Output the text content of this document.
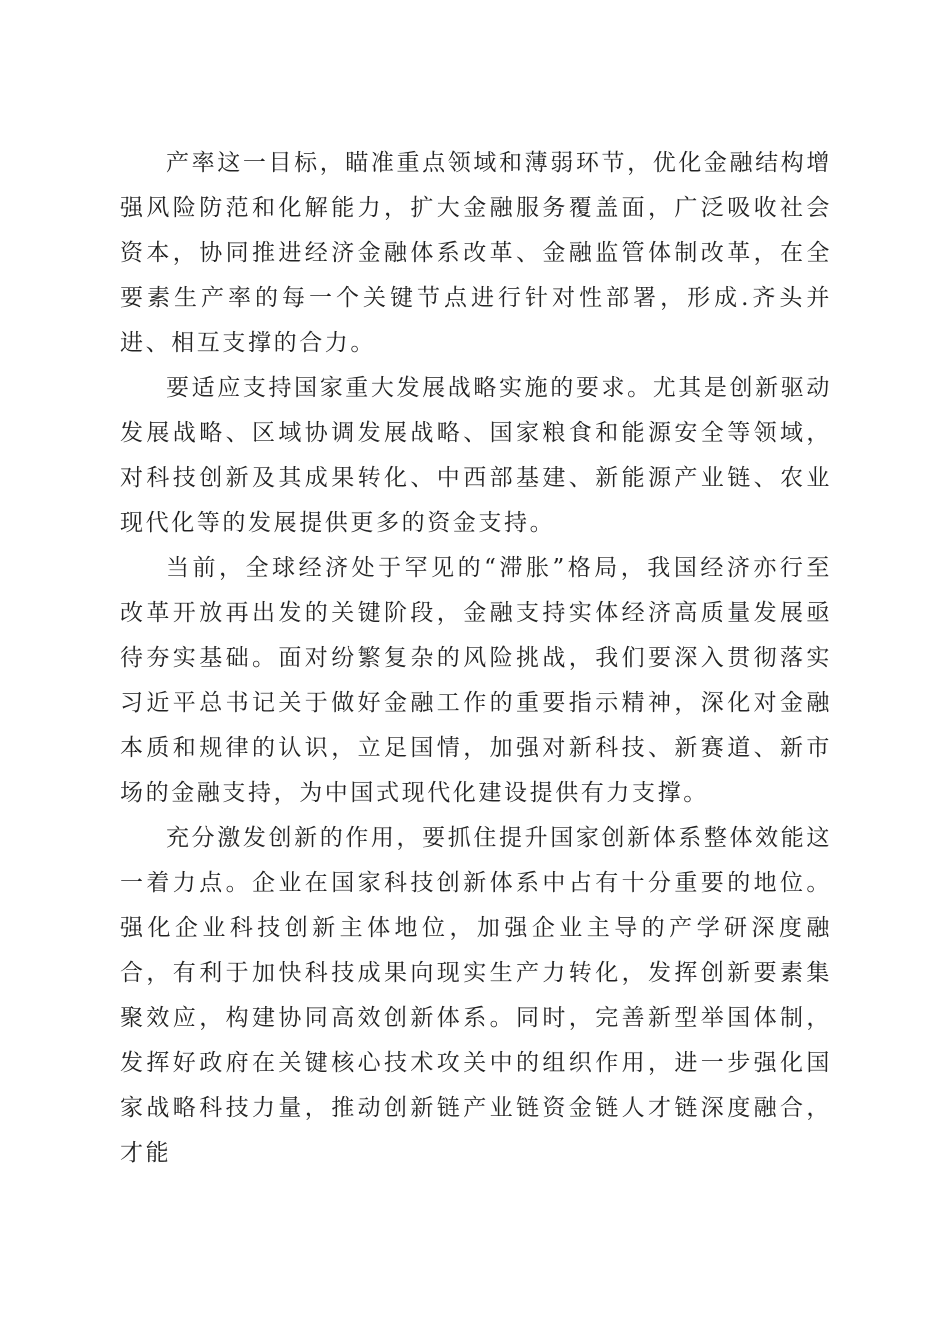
产率这一目标，瞄准重点领域和薄弱环节，优化金融结构增强风险防范和化解能力，扩大金融服务覆盖面，广泛吸收社会资本，协同推进经济金融体系改革、金融监管体制改革，在全要素生产率的每一个关键节点进行针对性部署，形成.齐头并进、相互支撑的合力。

要适应支持国家重大发展战略实施的要求。尤其是创新驱动发展战略、区域协调发展战略、国家粮食和能源安全等领域，对科技创新及其成果转化、中西部基建、新能源产业链、农业现代化等的发展提供更多的资金支持。

当前，全球经济处于罕见的“滞胀”格局，我国经济亦行至改革开放再出发的关键阶段，金融支持实体经济高质量发展亟待夯实基础。面对纷繁复杂的风险挑战，我们要深入贯彻落实习近平总书记关于做好金融工作的重要指示精神，深化对金融本质和规律的认识，立足国情，加强对新科技、新赛道、新市场的金融支持，为中国式现代化建设提供有力支撑。

充分激发创新的作用，要抓住提升国家创新体系整体效能这一着力点。企业在国家科技创新体系中占有十分重要的地位。强化企业科技创新主体地位，加强企业主导的产学研深度融合，有利于加快科技成果向现实生产力转化，发挥创新要素集聚效应，构建协同高效创新体系。同时，完善新型举国体制，发挥好政府在关键核心技术攻关中的组织作用，进一步强化国家战略科技力量，推动创新链产业链资金链人才链深度融合，才能
